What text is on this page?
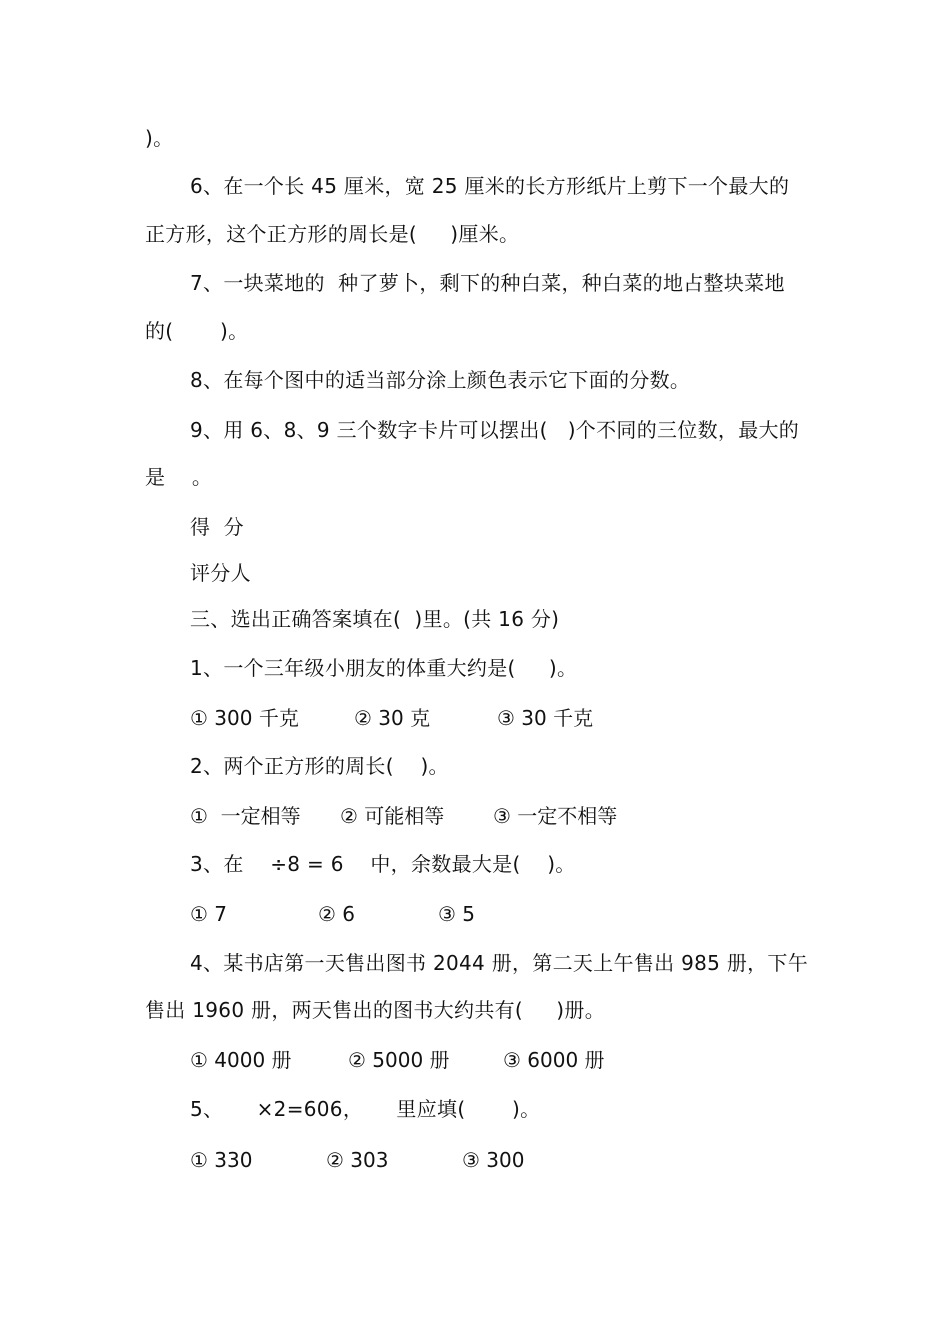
)。
6、在一个长 45 厘米，宽 25 厘米的长方形纸片上剪下一个最大的
正方形，这个正方形的周长是(     )厘米。
7、一块菜地的  种了萝卜，剩下的种白菜，种白菜的地占整块菜地
的(       )。
8、在每个图中的适当部分涂上颜色表示它下面的分数。
9、用 6、8、9 三个数字卡片可以摆出(   )个不同的三位数，最大的
是    。
得  分
评分人
三、选出正确答案填在(  )里。(共 16 分)
1、一个三年级小朋友的体重大约是(     )。
① 300 千克	② 30 克	③ 30 千克
2、两个正方形的周长(    )。
①  一定相等 ② 可能相等 ③ 一定不相等
3、在    ÷8 = 6    中，余数最大是(    )。
① 7	② 6	③ 5
4、某书店第一天售出图书 2044 册，第二天上午售出 985 册，下午
售出 1960 册，两天售出的图书大约共有(     )册。
① 4000 册	② 5000 册	③ 6000 册
5、     ×2=606，     里应填(       )。
① 330	② 303	③ 300
